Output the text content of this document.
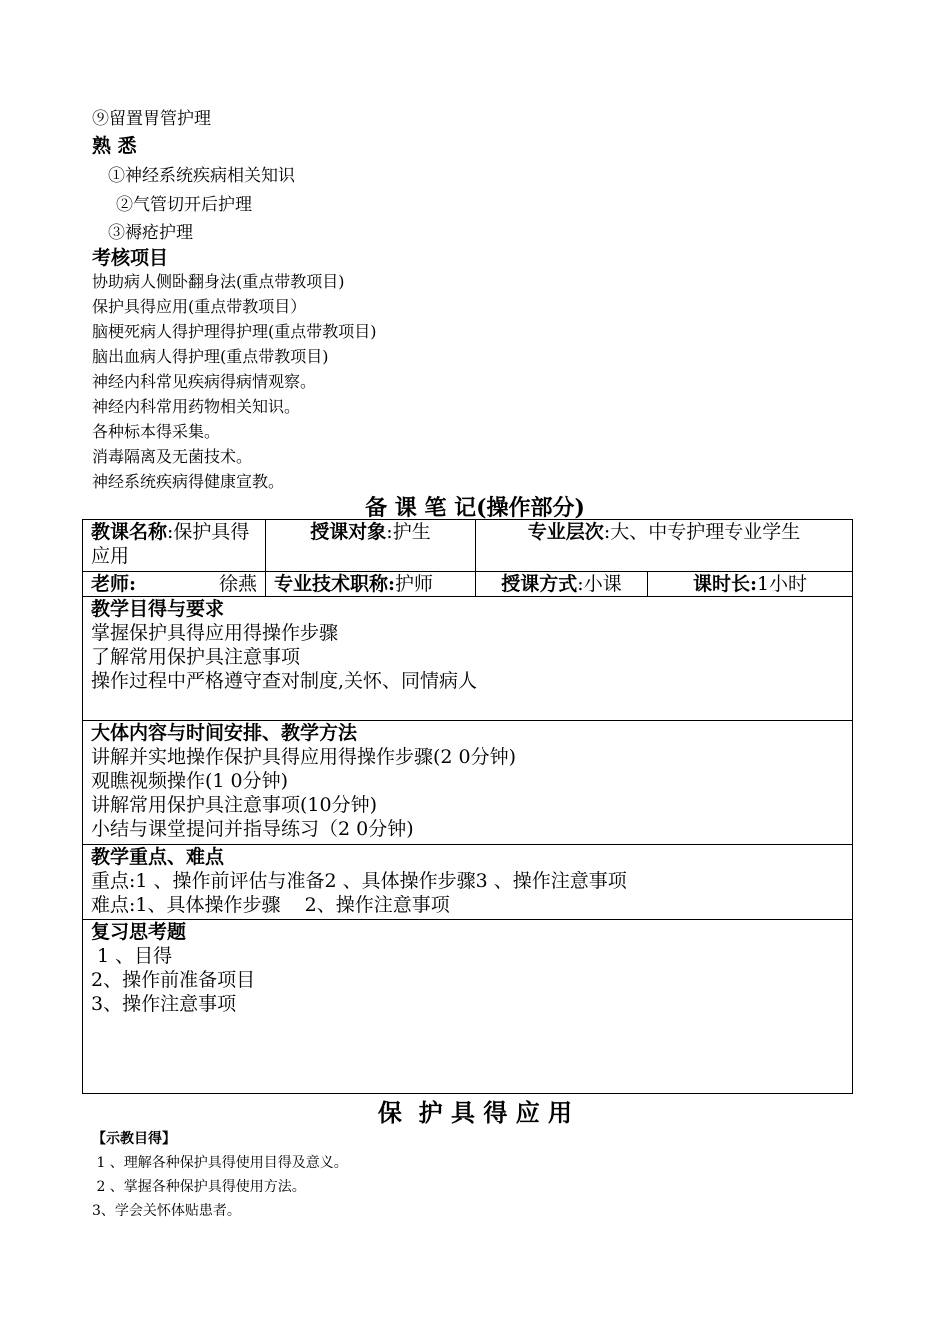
⑨留置胃管护理
熟 悉
①神经系统疾病相关知识
②气管切开后护理
③褥疮护理
考核项目
协助病人侧卧翻身法(重点带教项目)
保护具得应用(重点带教项目）
脑梗死病人得护理得护理(重点带教项目)
脑出血病人得护理(重点带教项目)
神经内科常见疾病得病情观察。
神经内科常用药物相关知识。
各种标本得采集。
消毒隔离及无菌技术。
神经系统疾病得健康宣教。
备 课 笔 记(操作部分)
教课名称:保护具得应用	授课对象:护生	专业层次:大、中专护理专业学生	
老师: 徐燕	专业技术职称:护师	授课方式:小课	课时长:1小时

教学目得与要求
掌握保护具得应用得操作步骤
了解常用保护具注意事项
操作过程中严格遵守查对制度,关怀、同情病人			

大体内容与时间安排、教学方法
讲解并实地操作保护具得应用得操作步骤(2 0分钟)
观瞧视频操作(1 0分钟)
讲解常用保护具注意事项(10分钟)
小结与课堂提问并指导练习（2 0分钟)			

教学重点、难点
重点:1 、操作前评估与准备2 、具体操作步骤3 、操作注意事项
难点:1、具体操作步骤    2、操作注意事项			

复习思考题
1 、目得
2、操作前准备项目
3、操作注意事项			
保  护 具 得 应 用
【示教目得】
1 、理解各种保护具得使用目得及意义。
2 、掌握各种保护具得使用方法。
3、学会关怀体贴患者。
